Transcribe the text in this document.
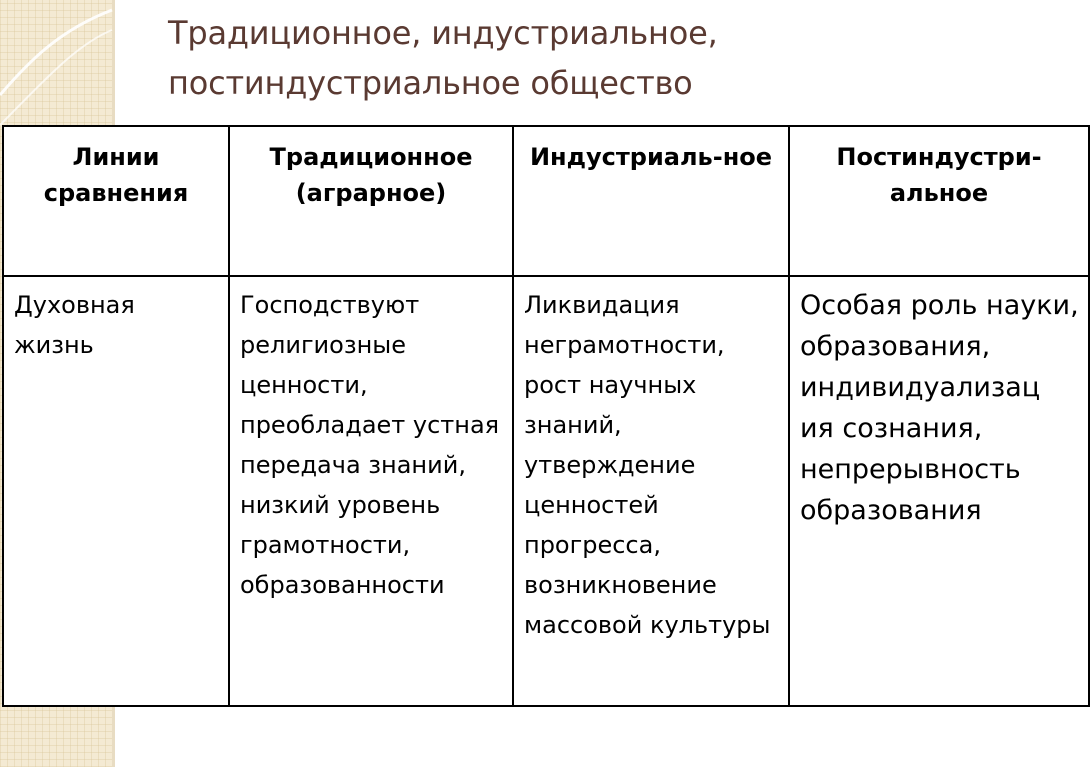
Традиционное, индустриальное,
постиндустриальное общество
Линии сравнения	Традиционное (аграрное)	Индустриаль-ное	Постиндустри-альное
Духовная жизнь	Господствуют религиозные ценности, преобладает устная передача знаний, низкий уровень грамотности, образованности	Ликвидация неграмотности, рост научных знаний, утверждение ценностей прогресса, возникновение массовой культуры	Особая роль науки, образования, индивидуализац ия сознания, непрерывность образования
